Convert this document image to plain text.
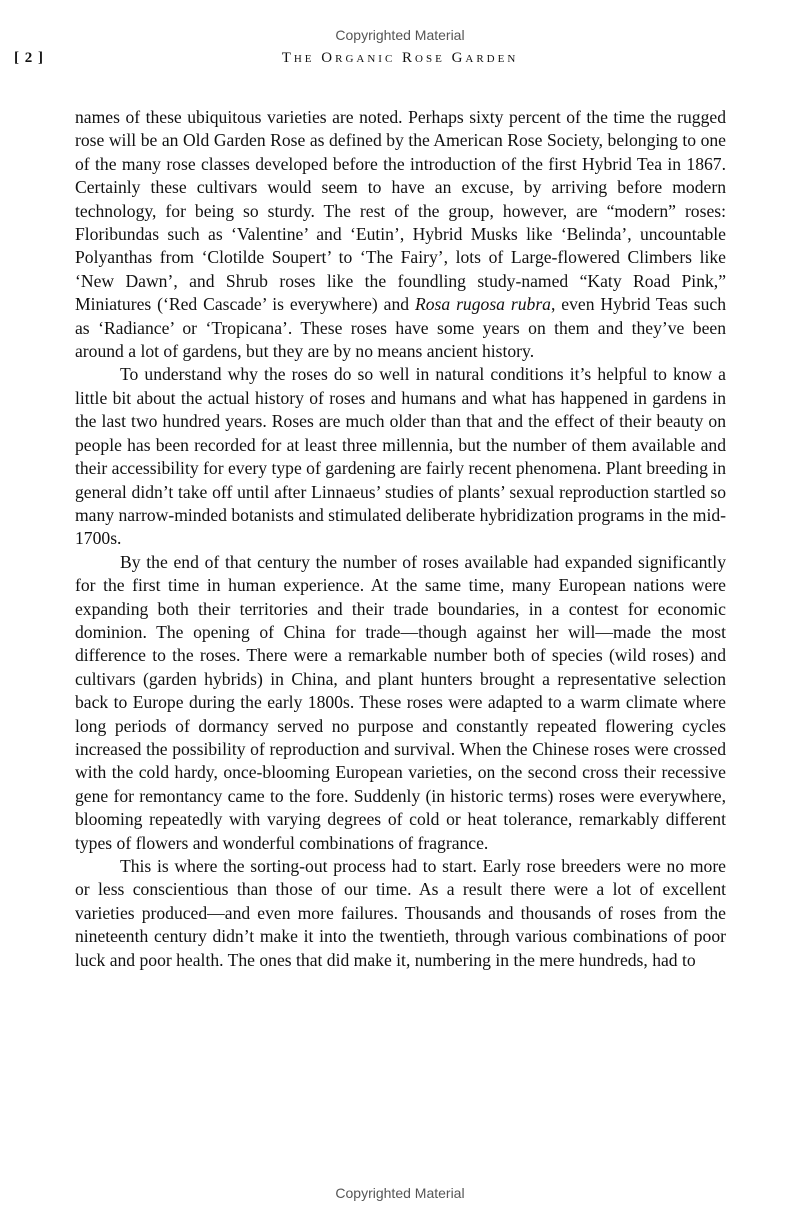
Copyrighted Material
[ 2 ]	The Organic Rose Garden

names of these ubiquitous varieties are noted. Perhaps sixty percent of the time the rugged rose will be an Old Garden Rose as defined by the American Rose Society, belonging to one of the many rose classes developed before the introduction of the first Hybrid Tea in 1867. Certainly these cultivars would seem to have an excuse, by arriving before modern technology, for being so sturdy. The rest of the group, however, are “modern” roses: Floribundas such as ‘Valentine’ and ‘Eutin’, Hybrid Musks like ‘Belinda’, uncountable Polyanthas from ‘Clotilde Soupert’ to ‘The Fairy’, lots of Large-flowered Climbers like ‘New Dawn’, and Shrub roses like the foundling study-named “Katy Road Pink,” Miniatures (‘Red Cascade’ is everywhere) and Rosa rugosa rubra, even Hybrid Teas such as ‘Radiance’ or ‘Tropicana’. These roses have some years on them and they’ve been around a lot of gardens, but they are by no means ancient history.

To understand why the roses do so well in natural conditions it’s helpful to know a little bit about the actual history of roses and humans and what has happened in gardens in the last two hundred years. Roses are much older than that and the effect of their beauty on people has been recorded for at least three millennia, but the number of them available and their accessibility for every type of gardening are fairly recent phenomena. Plant breeding in general didn’t take off until after Linnaeus’ studies of plants’ sexual reproduction startled so many narrow-minded botanists and stimulated deliberate hybridization programs in the mid-1700s.

By the end of that century the number of roses available had expanded significantly for the first time in human experience. At the same time, many European nations were expanding both their territories and their trade boundaries, in a contest for economic dominion. The opening of China for trade—though against her will—made the most difference to the roses. There were a remarkable number both of species (wild roses) and cultivars (garden hybrids) in China, and plant hunters brought a representative selection back to Europe during the early 1800s. These roses were adapted to a warm climate where long periods of dormancy served no purpose and constantly repeated flowering cycles increased the possibility of reproduction and survival. When the Chinese roses were crossed with the cold hardy, once-blooming European varieties, on the second cross their recessive gene for remontancy came to the fore. Suddenly (in historic terms) roses were everywhere, blooming repeatedly with varying degrees of cold or heat tolerance, remarkably different types of flowers and wonderful combinations of fragrance.

This is where the sorting-out process had to start. Early rose breeders were no more or less conscientious than those of our time. As a result there were a lot of excellent varieties produced—and even more failures. Thousands and thousands of roses from the nineteenth century didn’t make it into the twentieth, through various combinations of poor luck and poor health. The ones that did make it, numbering in the mere hundreds, had to

Copyrighted Material
